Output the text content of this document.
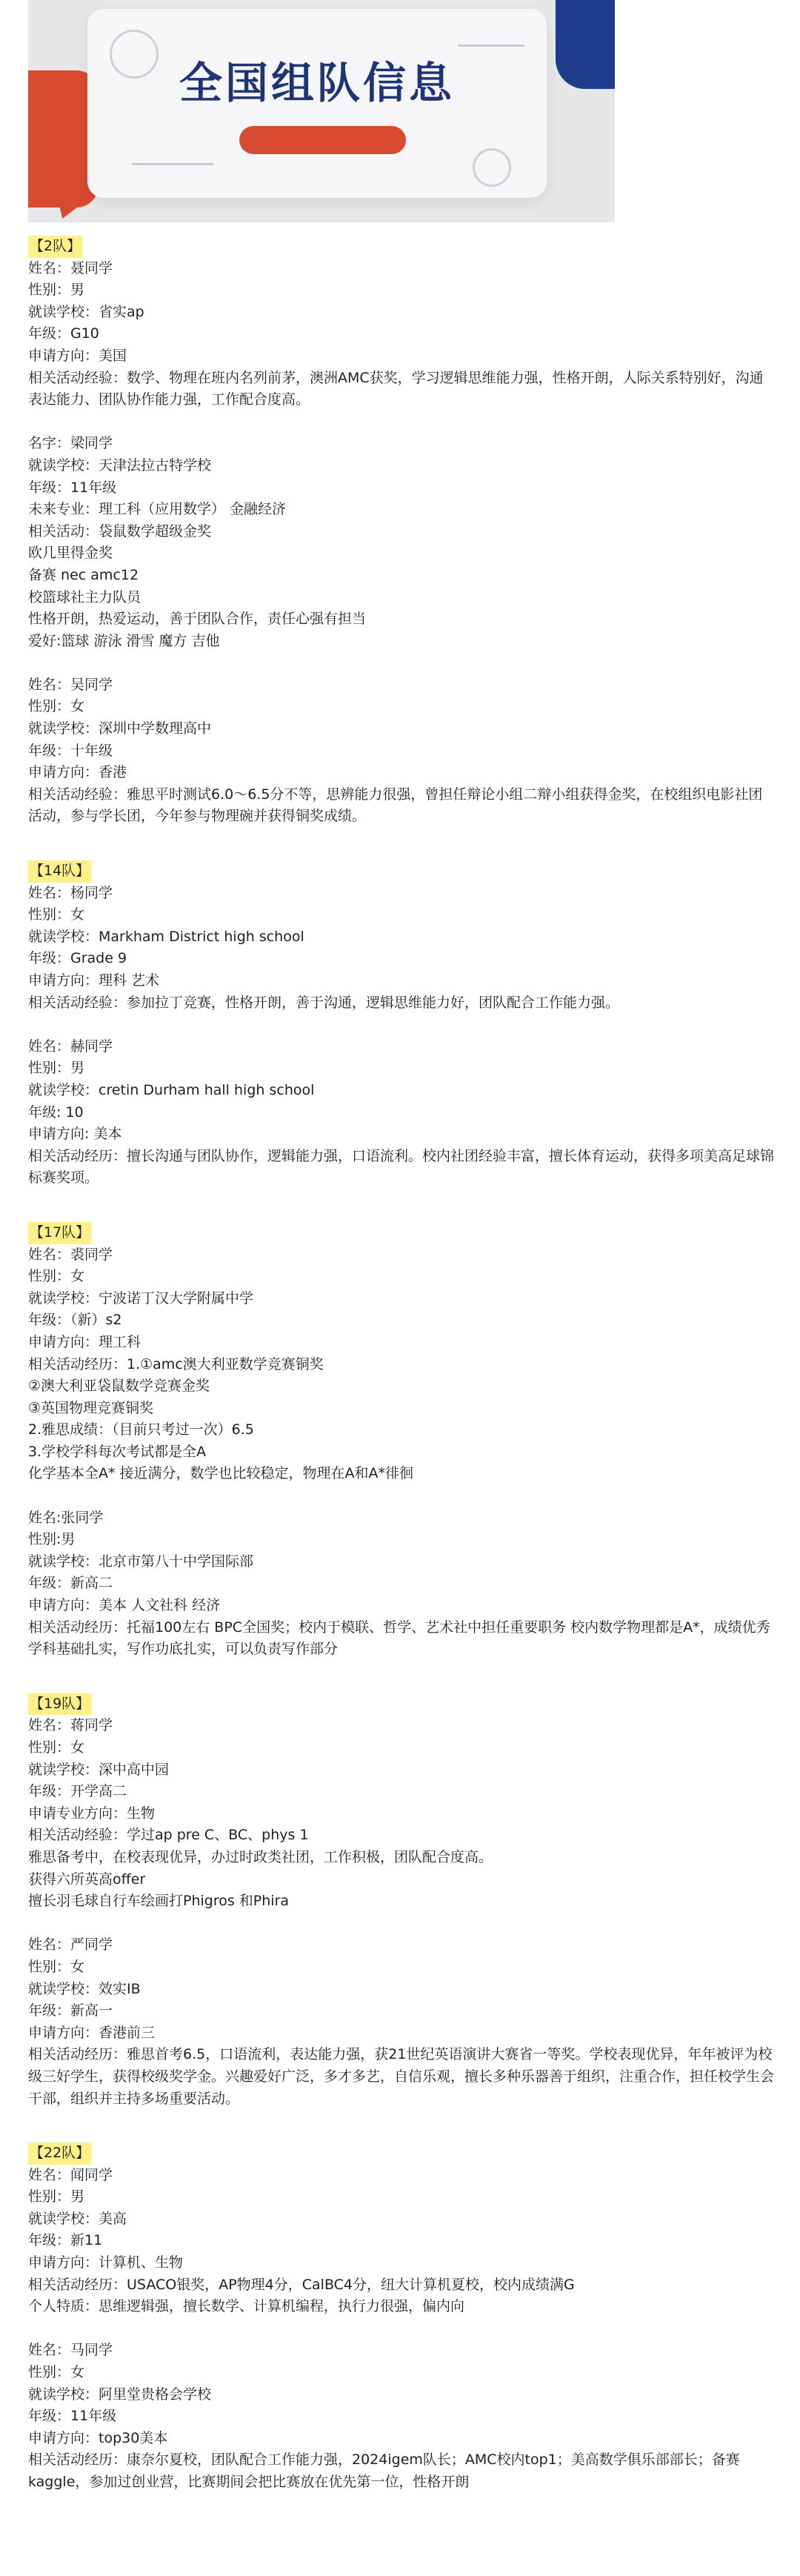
全国组队信息
【2队】
姓名：聂同学
性别：男
就读学校：省实ap
年级：G10
申请方向：美国
相关活动经验：数学、物理在班内名列前茅，澳洲AMC获奖，学习逻辑思维能力强，性格开朗，人际关系特别好，沟通表达能力、团队协作能力强，工作配合度高。
名字：梁同学
就读学校：天津法拉古特学校
年级：11年级
未来专业：理工科（应用数学） 金融经济
相关活动：袋鼠数学超级金奖
欧几里得金奖
备赛 nec amc12
校篮球社主力队员
性格开朗，热爱运动，善于团队合作，责任心强有担当
爱好:篮球 游泳 滑雪 魔方 吉他
姓名：吴同学
性别：女
就读学校：深圳中学数理高中
年级：十年级
申请方向：香港
相关活动经验：雅思平时测试6.0～6.5分不等，思辨能力很强，曾担任辩论小组二辩小组获得金奖，在校组织电影社团活动，参与学长团，今年参与物理碗并获得铜奖成绩。
【14队】
姓名：杨同学
性别：女
就读学校：Markham District high school
年级：Grade 9
申请方向：理科 艺术
相关活动经验：参加拉丁竞赛，性格开朗，善于沟通，逻辑思维能力好，团队配合工作能力强。
姓名：赫同学
性别：男
就读学校：cretin Durham hall high school
年级: 10
申请方向: 美本
相关活动经历：擅长沟通与团队协作，逻辑能力强，口语流利。校内社团经验丰富，擅长体育运动，获得多项美高足球锦标赛奖项。
【17队】
姓名：裘同学
性别：女
就读学校：宁波诺丁汉大学附属中学
年级：（新）s2
申请方向：理工科
相关活动经历：1.①amc澳大利亚数学竞赛铜奖
②澳大利亚袋鼠数学竞赛金奖
③英国物理竞赛铜奖
2.雅思成绩：（目前只考过一次）6.5
3.学校学科每次考试都是全A
化学基本全A* 接近满分，数学也比较稳定，物理在A和A*徘徊
姓名:张同学
性别:男
就读学校：北京市第八十中学国际部
年级：新高二
申请方向：美本 人文社科 经济
相关活动经历：托福100左右 BPC全国奖；校内于模联、哲学、艺术社中担任重要职务 校内数学物理都是A*，成绩优秀 学科基础扎实，写作功底扎实，可以负责写作部分
【19队】
姓名：蒋同学
性别：女
就读学校：深中高中园
年级：开学高二
申请专业方向：生物
相关活动经验：学过ap pre C、BC、phys 1
雅思备考中，在校表现优异，办过时政类社团，工作积极，团队配合度高。
获得六所英高offer
擅长羽毛球自行车绘画打Phigros 和Phira
姓名：严同学
性别：女
就读学校：效实IB
年级：新高一
申请方向：香港前三
相关活动经历：雅思首考6.5，口语流利，表达能力强，获21世纪英语演讲大赛省一等奖。学校表现优异，年年被评为校级三好学生，获得校级奖学金。兴趣爱好广泛，多才多艺，自信乐观，擅长多种乐器善于组织，注重合作，担任校学生会干部，组织并主持多场重要活动。
【22队】
姓名：闻同学
性别：男
就读学校：美高
年级：新11
申请方向：计算机、生物
相关活动经历：USACO银奖，AP物理4分，CalBC4分，纽大计算机夏校，校内成绩满G
个人特质：思维逻辑强，擅长数学、计算机编程，执行力很强，偏内向
姓名：马同学
性别：女
就读学校：阿里堂贵格会学校
年级：11年级
申请方向：top30美本
相关活动经历：康奈尔夏校，团队配合工作能力强，2024igem队长；AMC校内top1；美高数学俱乐部部长；备赛kaggle，参加过创业营，比赛期间会把比赛放在优先第一位，性格开朗
